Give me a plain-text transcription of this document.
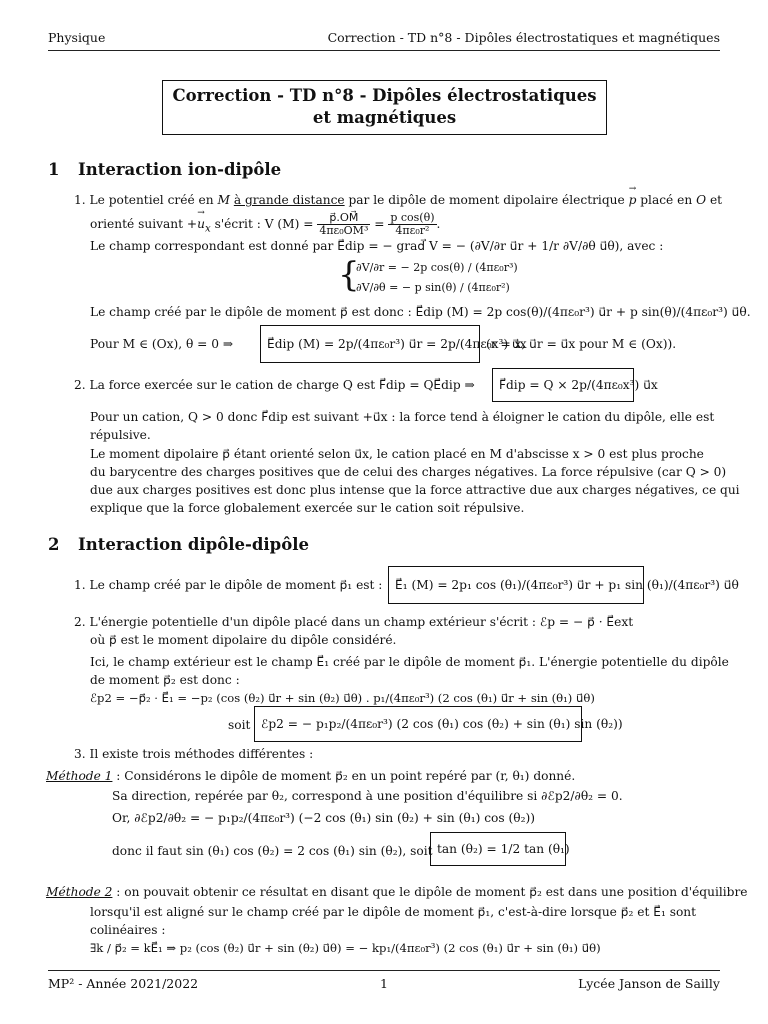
Physique	Correction - TD n°8 - Dipôles électrostatiques et magnétiques
Correction - TD n°8 - Dipôles électrostatiques
et magnétiques
1 Interaction ion-dipôle
1. Le potentiel créé en M à grande distance par le dipôle de moment dipolaire électrique → p placé en O et
orienté suivant +→ $u_x$ s'écrit : V $(M) = \frac{p⃗.OM⃗}{\text{4πε₀OM³}} = \frac{\text{p cos(θ)}}{\text{4πε₀r²}}$ .
Le champ correspondant est donné par E⃗dip = − grad⃗ V = − (∂V/∂r u⃗r + 1/r ∂V/∂θ u⃗θ), avec :
{
∂V/∂r = − 2p cos(θ) / (4πε₀r³)
∂V/∂θ = − p sin(θ) / (4πε₀r²)
Le champ créé par le dipôle de moment p⃗ est donc : E⃗dip (M) = 2p cos(θ)/(4πε₀r³) u⃗r + p sin(θ)/(4πε₀r³) u⃗θ.
Pour M ∈ (Ox), θ = 0 ⇒	E⃗dip (M) = 2p/(4πε₀r³) u⃗r = 2p/(4πε₀x³) u⃗x
(r = x, u⃗r = u⃗x pour M ∈ (Ox)).
2. La force exercée sur le cation de charge Q est F⃗dip = QE⃗dip ⇒	F⃗dip = Q × 2p/(4πε₀x³) u⃗x
Pour un cation, Q > 0 donc F⃗dip est suivant +u⃗x : la force tend à éloigner le cation du dipôle, elle est
répulsive.
Le moment dipolaire p⃗ étant orienté selon u⃗x, le cation placé en M d'abscisse x > 0 est plus proche
du barycentre des charges positives que de celui des charges négatives. La force répulsive (car Q > 0)
due aux charges positives est donc plus intense que la force attractive due aux charges négatives, ce qui
explique que la force globalement exercée sur le cation soit répulsive.
2 Interaction dipôle-dipôle
1. Le champ créé par le dipôle de moment p⃗₁ est :	E⃗₁ (M) = 2p₁ cos (θ₁)/(4πε₀r³) u⃗r + p₁ sin (θ₁)/(4πε₀r³) u⃗θ
2. L'énergie potentielle d'un dipôle placé dans un champ extérieur s'écrit : ℰp = − p⃗ · E⃗ext
où p⃗ est le moment dipolaire du dipôle considéré.
Ici, le champ extérieur est le champ E⃗₁ créé par le dipôle de moment p⃗₁. L'énergie potentielle du dipôle
de moment p⃗₂ est donc :
ℰp2 = −p⃗₂ · E⃗₁ = −p₂ (cos (θ₂) u⃗r + sin (θ₂) u⃗θ) . p₁/(4πε₀r³) (2 cos (θ₁) u⃗r + sin (θ₁) u⃗θ)
soit ℰp2 = − p₁p₂/(4πε₀r³) (2 cos (θ₁) cos (θ₂) + sin (θ₁) sin (θ₂))
3. Il existe trois méthodes différentes :
Méthode 1 : Considérons le dipôle de moment p⃗₂ en un point repéré par (r, θ₁) donné.
Sa direction, repérée par θ₂, correspond à une position d'équilibre si ∂ℰp2/∂θ₂ = 0.
Or, ∂ℰp2/∂θ₂ = − p₁p₂/(4πε₀r³) (−2 cos (θ₁) sin (θ₂) + sin (θ₁) cos (θ₂))
donc il faut sin (θ₁) cos (θ₂) = 2 cos (θ₁) sin (θ₂), soit tan (θ₂) = 1/2 tan (θ₁)
Méthode 2 : on pouvait obtenir ce résultat en disant que le dipôle de moment p⃗₂ est dans une position d'équilibre
lorsqu'il est aligné sur le champ créé par le dipôle de moment p⃗₁, c'est-à-dire lorsque p⃗₂ et E⃗₁ sont
colinéaires :
∃k / p⃗₂ = kE⃗₁ ⇒ p₂ (cos (θ₂) u⃗r + sin (θ₂) u⃗θ) = − kp₁/(4πε₀r³) (2 cos (θ₁) u⃗r + sin (θ₁) u⃗θ)
MP² - Année 2021/2022	1	Lycée Janson de Sailly
